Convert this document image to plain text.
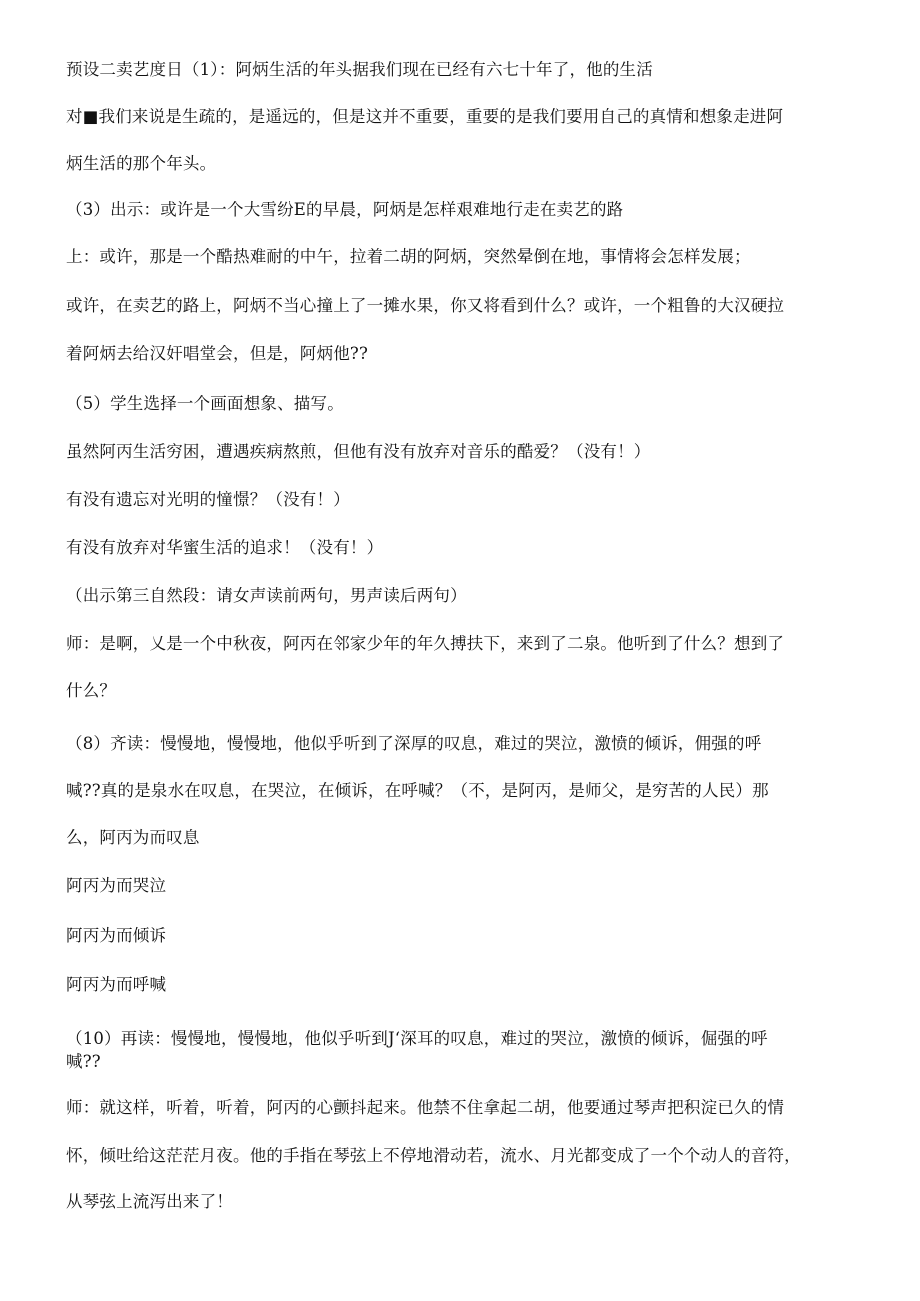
预设二卖艺度日（1）：阿炳生活的年头据我们现在已经有六七十年了，他的生活
对■我们来说是生疏的，是遥远的，但是这并不重要，重要的是我们要用自己的真情和想象走进阿
炳生活的那个年头。
（3）出示：或许是一个大雪纷E的早晨，阿炳是怎样艰难地行走在卖艺的路
上：或许，那是一个酷热难耐的中午，拉着二胡的阿炳，突然晕倒在地，事情将会怎样发展；
或许，在卖艺的路上，阿炳不当心撞上了一摊水果，你又将看到什么？或许，一个粗鲁的大汉硬拉
着阿炳去给汉奸唱堂会，但是，阿炳他??
（5）学生选择一个画面想象、描写。
虽然阿丙生活穷困，遭遇疾病熬煎，但他有没有放弃对音乐的酷爱？（没有！）
有没有遗忘对光明的憧憬？（没有！）
有没有放弃对华蜜生活的追求！（没有！）
（出示第三自然段：请女声读前两句，男声读后两句）
师：是啊，乂是一个中秋夜，阿丙在邻家少年的年久搏扶下，来到了二泉。他听到了什么？想到了
什么？
（8）齐读：慢慢地，慢慢地，他似乎听到了深厚的叹息，难过的哭泣，激愤的倾诉，佣强的呼
喊??真的是泉水在叹息，在哭泣，在倾诉，在呼喊？（不，是阿丙，是师父，是穷苦的人民）那
么，阿丙为而叹息
阿丙为而哭泣
阿丙为而倾诉
阿丙为而呼喊
（10）再读：慢慢地，慢慢地，他似乎听到J‘深耳的叹息，难过的哭泣，激愤的倾诉，倔强的呼
喊??
师：就这样，听着，听着，阿丙的心颤抖起来。他禁不住拿起二胡，他要通过琴声把积淀已久的情
怀，倾吐给这茫茫月夜。他的手指在琴弦上不停地滑动若，流水、月光都变成了一个个动人的音符，
从琴弦上流泻出来了！
